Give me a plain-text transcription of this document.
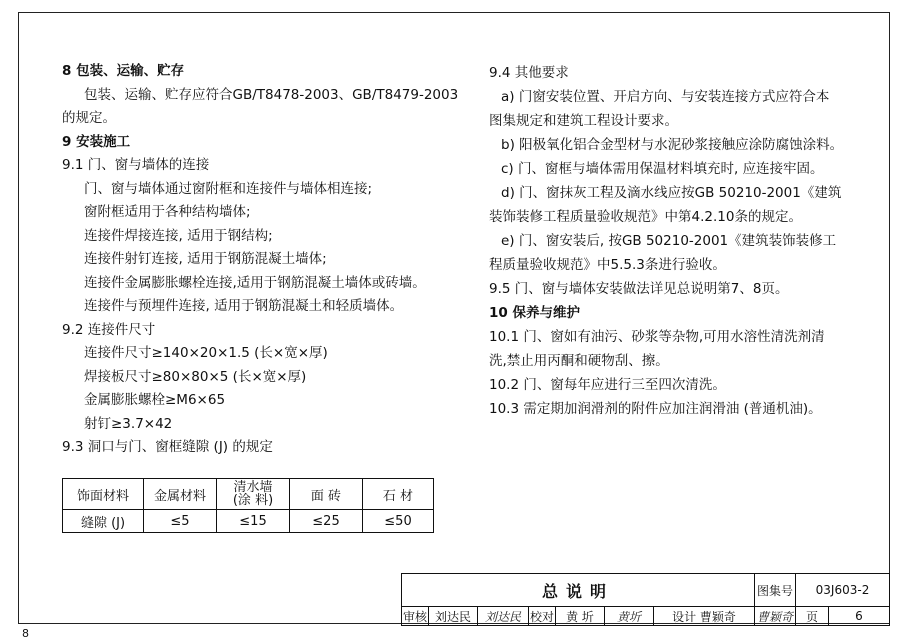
8 包装、运输、贮存

包装、运输、贮存应符合GB/T8478-2003、GB/T8479-2003

的规定。

9 安装施工

9.1 门、窗与墙体的连接

门、窗与墙体通过窗附框和连接件与墙体相连接;

窗附框适用于各种结构墙体;

连接件焊接连接, 适用于钢结构;

连接件射钉连接, 适用于钢筋混凝土墙体;

连接件金属膨胀螺栓连接,适用于钢筋混凝土墙体或砖墙。

连接件与预埋件连接, 适用于钢筋混凝土和轻质墙体。

9.2 连接件尺寸

连接件尺寸≥140×20×1.5 (长×宽×厚)

焊接板尺寸≥80×80×5 (长×宽×厚)

金属膨胀螺栓≥M6×65

射钉≥3.7×42

9.3 洞口与门、窗框缝隙 (J) 的规定

饰面材料	金属材料	清水墙
(涂 料)	面 砖	石 材
缝隙 (J)	≤5	≤15	≤25	≤50

9.4 其他要求

a) 门窗安装位置、开启方向、与安装连接方式应符合本

图集规定和建筑工程设计要求。

b) 阳极氧化铝合金型材与水泥砂浆接触应涂防腐蚀涂料。

c) 门、窗框与墙体需用保温材料填充时, 应连接牢固。

d) 门、窗抹灰工程及滴水线应按GB 50210-2001《建筑

装饰装修工程质量验收规范》中第4.2.10条的规定。

e) 门、窗安装后, 按GB 50210-2001《建筑装饰装修工

程质量验收规范》中5.5.3条进行验收。

9.5 门、窗与墙体安装做法详见总说明第7、8页。

10 保养与维护

10.1 门、窗如有油污、砂浆等杂物,可用水溶性清洗剂清

洗,禁止用丙酮和硬物刮、擦。

10.2 门、窗每年应进行三至四次清洗。

10.3 需定期加润滑剂的附件应加注润滑油 (普通机油)。

总说明							图集号	03J603-2	
审核	刘达民	刘达民	校对	黄 圻	黄圻	设计 曹颖奇	曹颖奇	页	6
8
